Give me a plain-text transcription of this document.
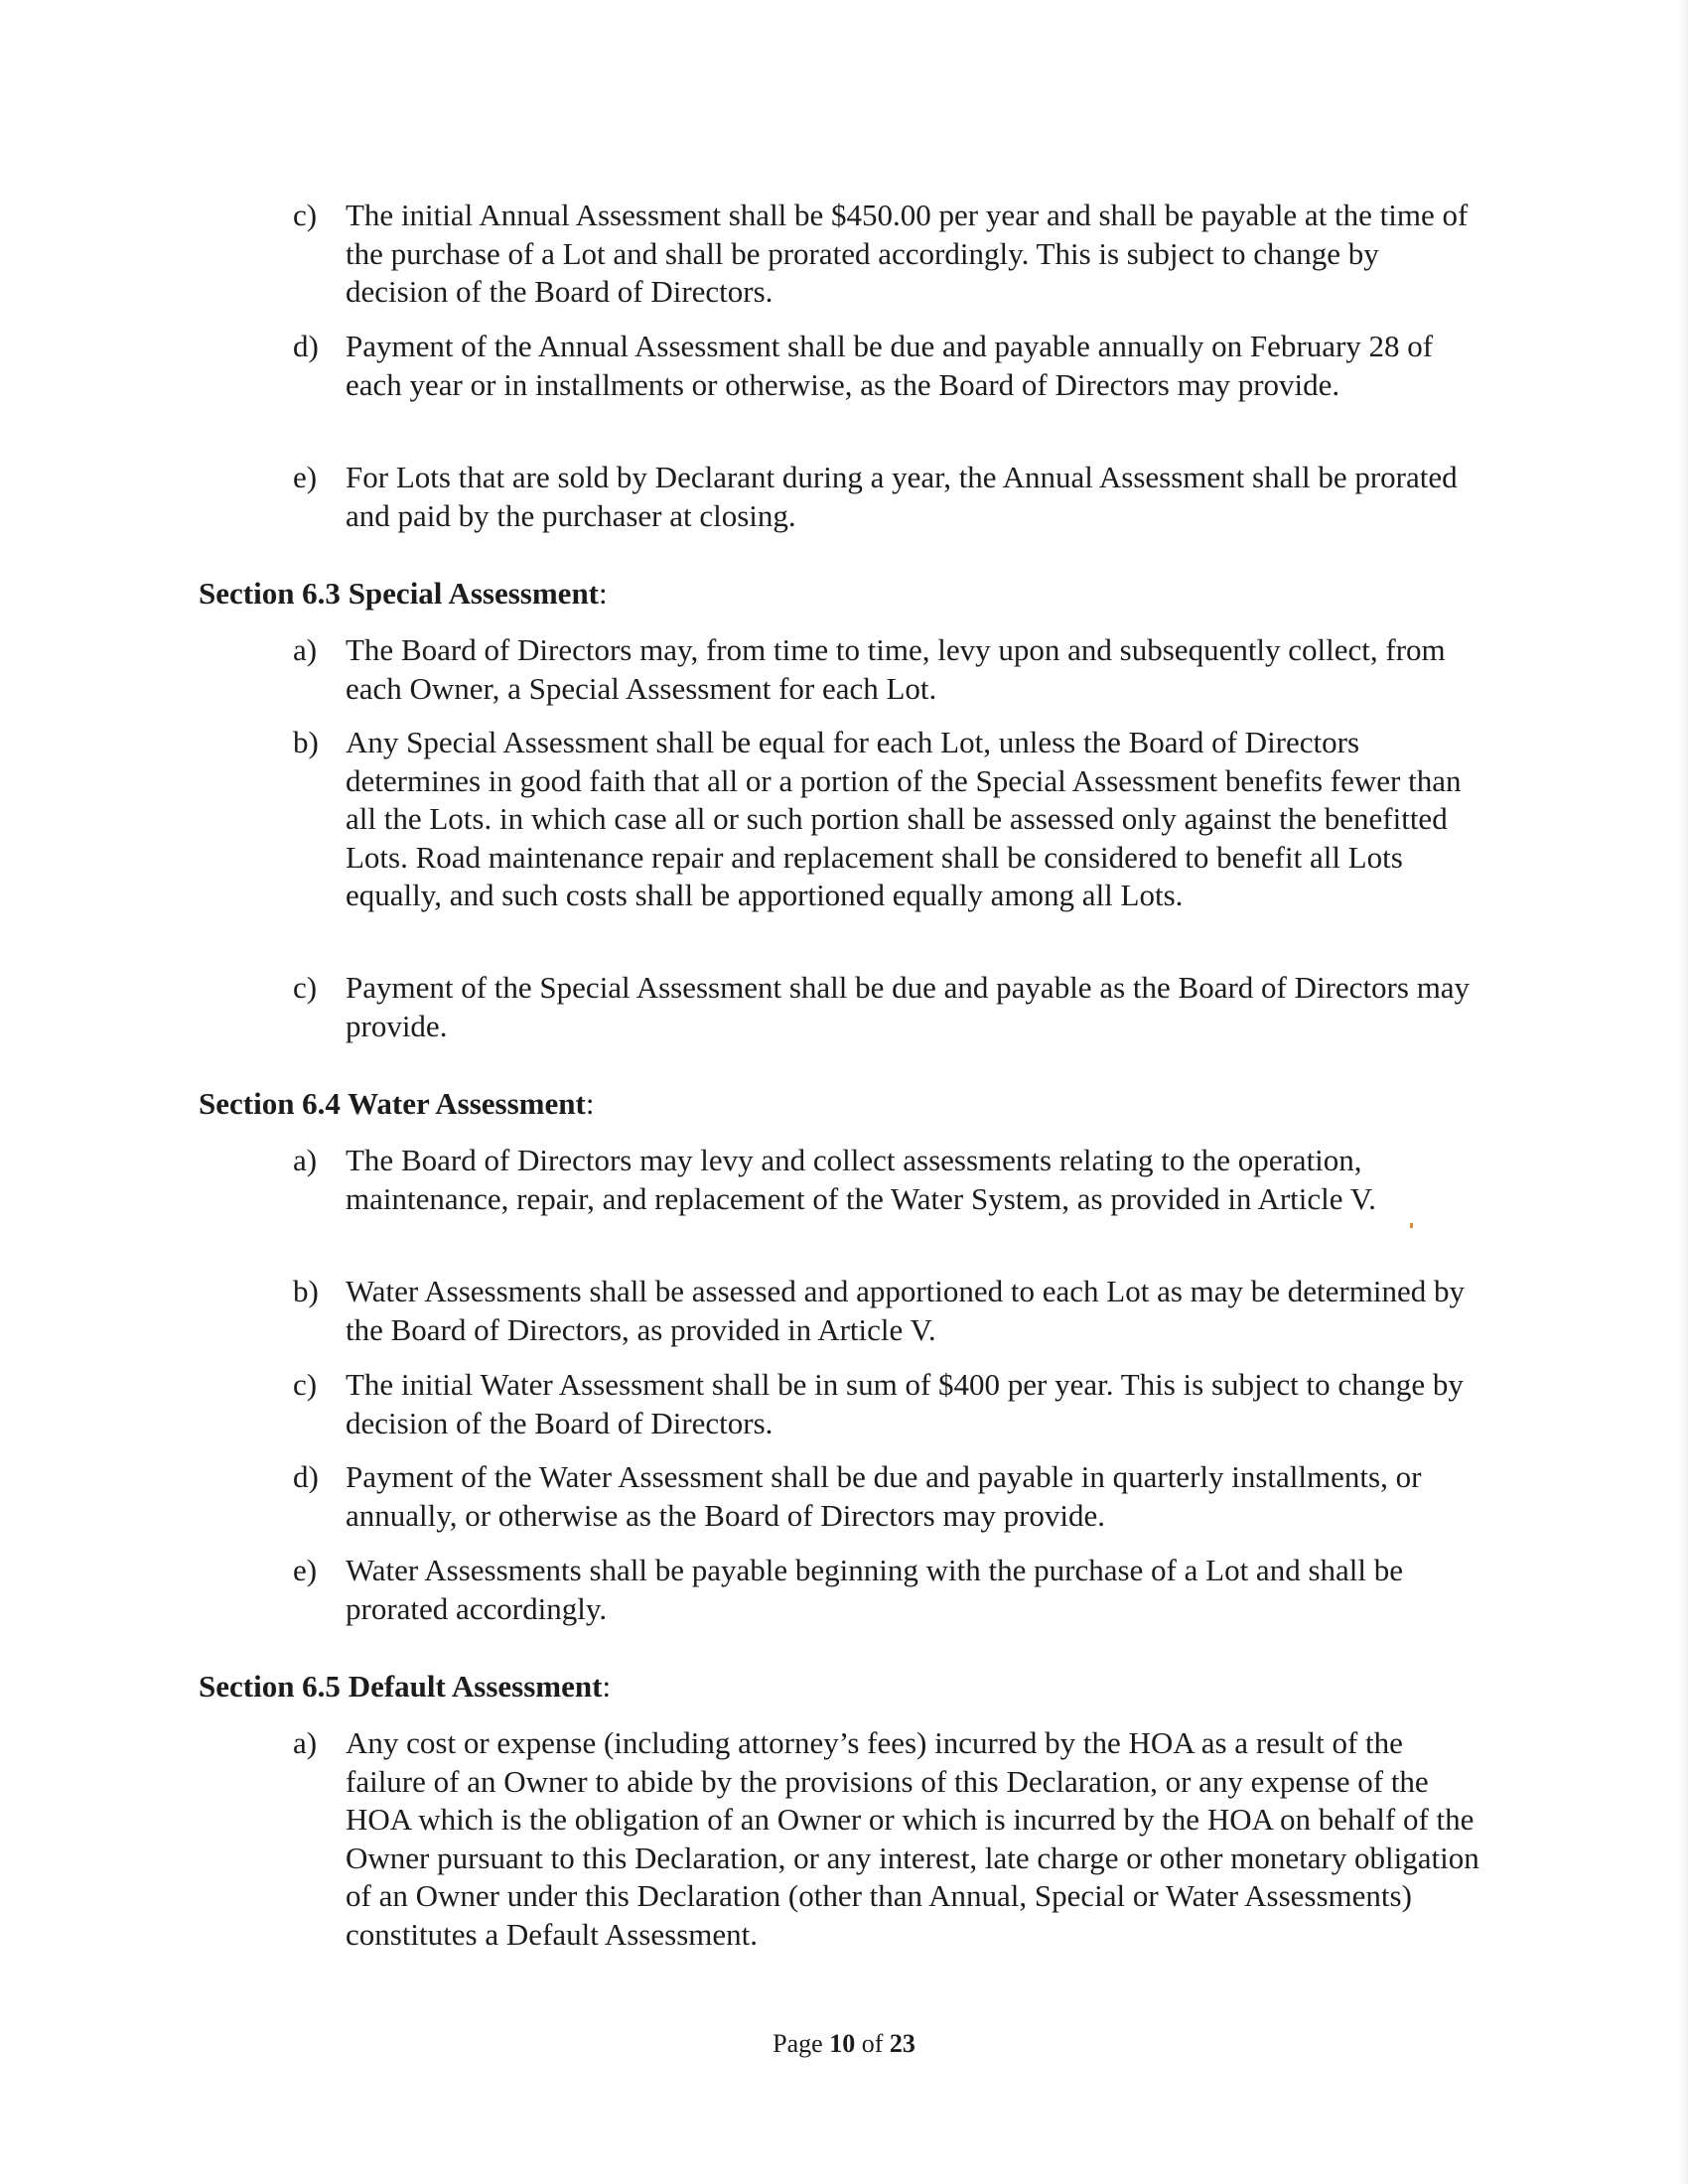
c) The initial Annual Assessment shall be $450.00 per year and shall be payable at the time of the purchase of a Lot and shall be prorated accordingly. This is subject to change by decision of the Board of Directors.
d) Payment of the Annual Assessment shall be due and payable annually on February 28 of each year or in installments or otherwise, as the Board of Directors may provide.
e) For Lots that are sold by Declarant during a year, the Annual Assessment shall be prorated and paid by the purchaser at closing.
Section 6.3 Special Assessment:
a) The Board of Directors may, from time to time, levy upon and subsequently collect, from each Owner, a Special Assessment for each Lot.
b) Any Special Assessment shall be equal for each Lot, unless the Board of Directors determines in good faith that all or a portion of the Special Assessment benefits fewer than all the Lots. in which case all or such portion shall be assessed only against the benefitted Lots. Road maintenance repair and replacement shall be considered to benefit all Lots equally, and such costs shall be apportioned equally among all Lots.
c) Payment of the Special Assessment shall be due and payable as the Board of Directors may provide.
Section 6.4 Water Assessment:
a) The Board of Directors may levy and collect assessments relating to the operation, maintenance, repair, and replacement of the Water System, as provided in Article V.
b) Water Assessments shall be assessed and apportioned to each Lot as may be determined by the Board of Directors, as provided in Article V.
c) The initial Water Assessment shall be in sum of $400 per year. This is subject to change by decision of the Board of Directors.
d) Payment of the Water Assessment shall be due and payable in quarterly installments, or annually, or otherwise as the Board of Directors may provide.
e) Water Assessments shall be payable beginning with the purchase of a Lot and shall be prorated accordingly.
Section 6.5 Default Assessment:
a) Any cost or expense (including attorney’s fees) incurred by the HOA as a result of the failure of an Owner to abide by the provisions of this Declaration, or any expense of the HOA which is the obligation of an Owner or which is incurred by the HOA on behalf of the Owner pursuant to this Declaration, or any interest, late charge or other monetary obligation of an Owner under this Declaration (other than Annual, Special or Water Assessments) constitutes a Default Assessment.
Page 10 of 23
